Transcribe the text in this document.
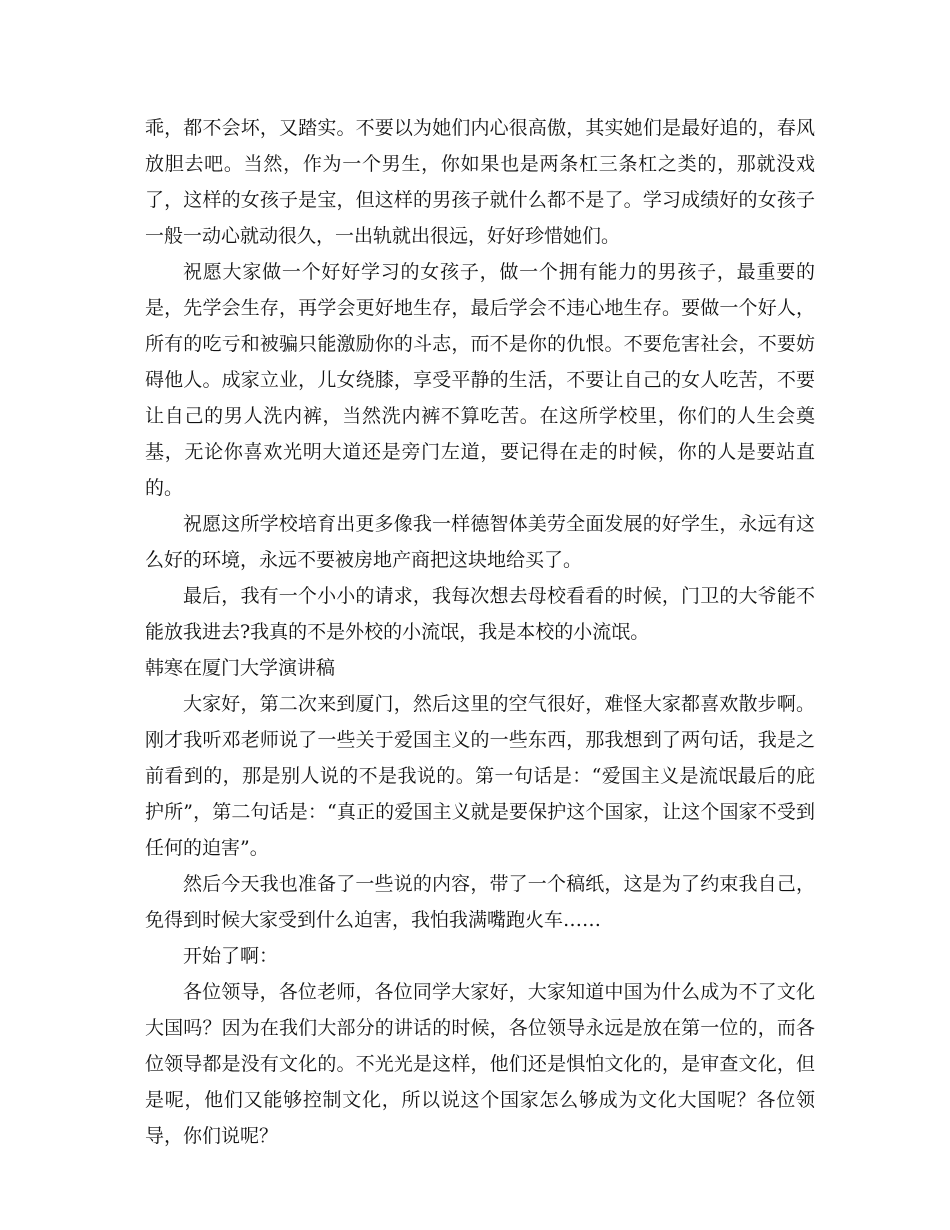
乖，都不会坏，又踏实。不要以为她们内心很高傲，其实她们是最好追的，春风放胆去吧。当然，作为一个男生，你如果也是两条杠三条杠之类的，那就没戏了，这样的女孩子是宝，但这样的男孩子就什么都不是了。学习成绩好的女孩子一般一动心就动很久，一出轨就出很远，好好珍惜她们。

祝愿大家做一个好好学习的女孩子，做一个拥有能力的男孩子，最重要的是，先学会生存，再学会更好地生存，最后学会不违心地生存。要做一个好人，所有的吃亏和被骗只能激励你的斗志，而不是你的仇恨。不要危害社会，不要妨碍他人。成家立业，儿女绕膝，享受平静的生活，不要让自己的女人吃苦，不要让自己的男人洗内裤，当然洗内裤不算吃苦。在这所学校里，你们的人生会奠基，无论你喜欢光明大道还是旁门左道，要记得在走的时候，你的人是要站直的。

祝愿这所学校培育出更多像我一样德智体美劳全面发展的好学生，永远有这么好的环境，永远不要被房地产商把这块地给买了。

最后，我有一个小小的请求，我每次想去母校看看的时候，门卫的大爷能不能放我进去?我真的不是外校的小流氓，我是本校的小流氓。

韩寒在厦门大学演讲稿

大家好，第二次来到厦门，然后这里的空气很好，难怪大家都喜欢散步啊。刚才我听邓老师说了一些关于爱国主义的一些东西，那我想到了两句话，我是之前看到的，那是别人说的不是我说的。第一句话是：“爱国主义是流氓最后的庇护所”，第二句话是：“真正的爱国主义就是要保护这个国家，让这个国家不受到任何的迫害”。

然后今天我也准备了一些说的内容，带了一个稿纸，这是为了约束我自己，免得到时候大家受到什么迫害，我怕我满嘴跑火车……

开始了啊：

各位领导，各位老师，各位同学大家好，大家知道中国为什么成为不了文化大国吗？因为在我们大部分的讲话的时候，各位领导永远是放在第一位的，而各位领导都是没有文化的。不光光是这样，他们还是惧怕文化的，是审查文化，但是呢，他们又能够控制文化，所以说这个国家怎么够成为文化大国呢？各位领导，你们说呢？
